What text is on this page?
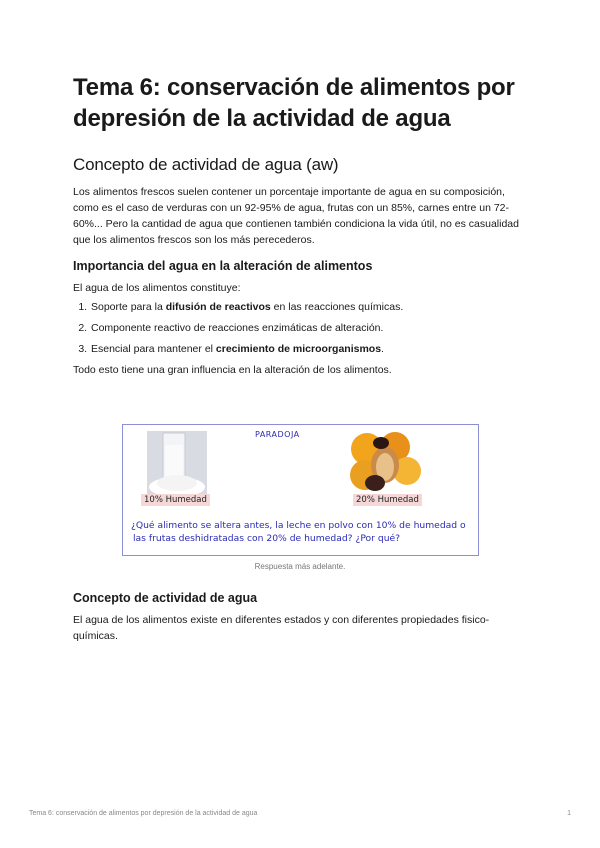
Tema 6: conservación de alimentos por depresión de la actividad de agua
Concepto de actividad de agua (aw)

Los alimentos frescos suelen contener un porcentaje importante de agua en su composición, como es el caso de verduras con un 92-95% de agua, frutas con un 85%, carnes entre un 72-60%... Pero la cantidad de agua que contienen también condiciona la vida útil, no es casualidad que los alimentos frescos son los más perecederos.

Importancia del agua en la alteración de alimentos

El agua de los alimentos constituye:

1. Soporte para la difusión de reactivos en las reacciones químicas.
2. Componente reactivo de reacciones enzimáticas de alteración.
3. Esencial para mantener el crecimiento de microorganismos.

Todo esto tiene una gran influencia en la alteración de los alimentos.

PARADOJA
10% Humedad	20% Humedad
¿Qué alimento se altera antes, la leche en polvo con 10% de humedad o
las frutas deshidratadas con 20% de humedad? ¿Por qué?
Respuesta más adelante.
Concepto de actividad de agua

El agua de los alimentos existe en diferentes estados y con diferentes propiedades fisico-químicas.

Tema 6: conservación de alimentos por depresión de la actividad de agua	1
